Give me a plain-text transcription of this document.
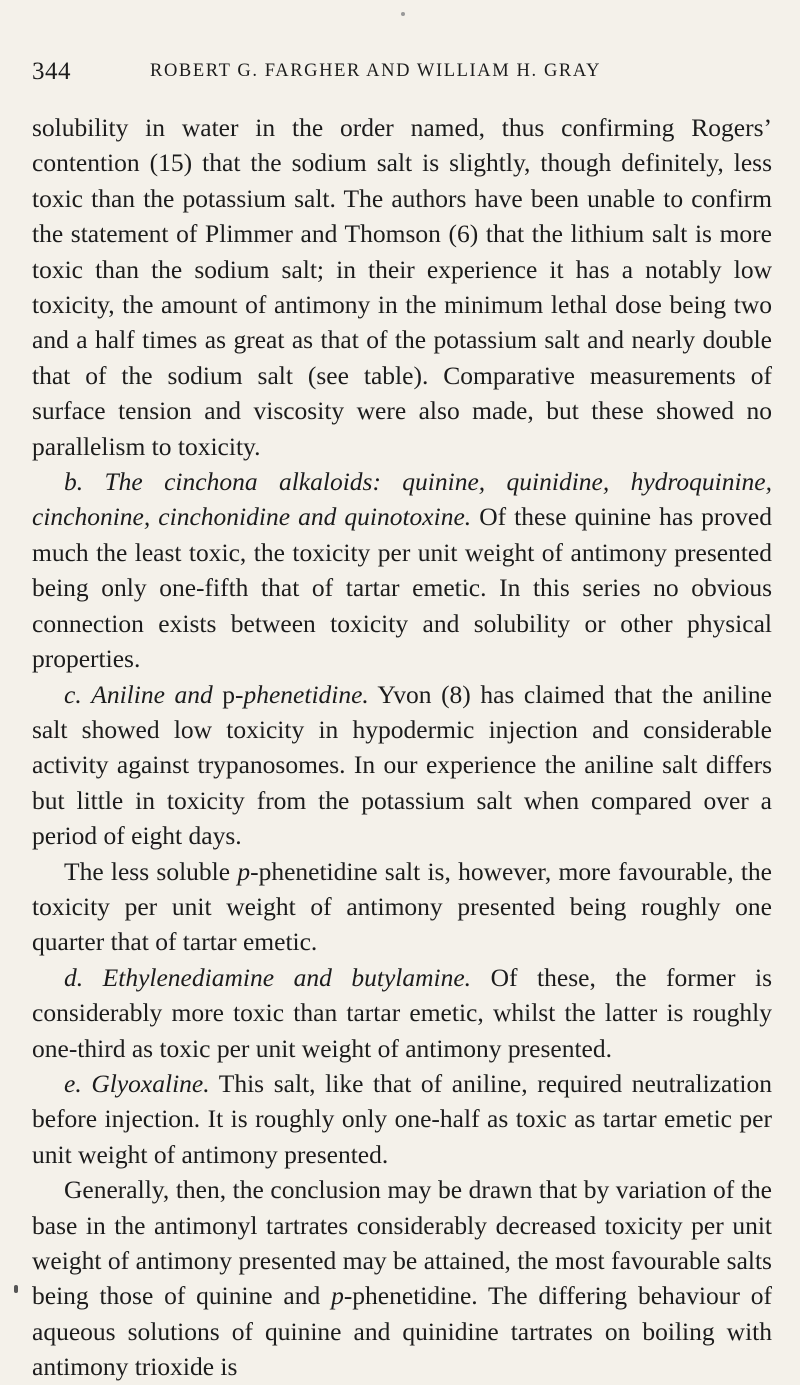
344	ROBERT G. FARGHER AND WILLIAM H. GRAY

solubility in water in the order named, thus confirming Rogers’ contention (15) that the sodium salt is slightly, though definitely, less toxic than the potassium salt. The authors have been unable to confirm the statement of Plimmer and Thomson (6) that the lithium salt is more toxic than the sodium salt; in their experience it has a notably low toxicity, the amount of antimony in the minimum lethal dose being two and a half times as great as that of the potassium salt and nearly double that of the sodium salt (see table). Comparative measurements of surface tension and viscosity were also made, but these showed no parallelism to toxicity.

b. The cinchona alkaloids: quinine, quinidine, hydroquinine, cinchonine, cinchonidine and quinotoxine. Of these quinine has proved much the least toxic, the toxicity per unit weight of antimony presented being only one-fifth that of tartar emetic. In this series no obvious connection exists between toxicity and solubility or other physical properties.

c. Aniline and p-phenetidine. Yvon (8) has claimed that the aniline salt showed low toxicity in hypodermic injection and considerable activity against trypanosomes. In our experience the aniline salt differs but little in toxicity from the potassium salt when compared over a period of eight days.

The less soluble p-phenetidine salt is, however, more favourable, the toxicity per unit weight of antimony presented being roughly one quarter that of tartar emetic.

d. Ethylenediamine and butylamine. Of these, the former is considerably more toxic than tartar emetic, whilst the latter is roughly one-third as toxic per unit weight of antimony presented.

e. Glyoxaline. This salt, like that of aniline, required neutralization before injection. It is roughly only one-half as toxic as tartar emetic per unit weight of antimony presented.

Generally, then, the conclusion may be drawn that by variation of the base in the antimonyl tartrates considerably decreased toxicity per unit weight of antimony presented may be attained, the most favourable salts being those of quinine and p-phenetidine. The differing behaviour of aqueous solutions of quinine and quinidine tartrates on boiling with antimony trioxide is
